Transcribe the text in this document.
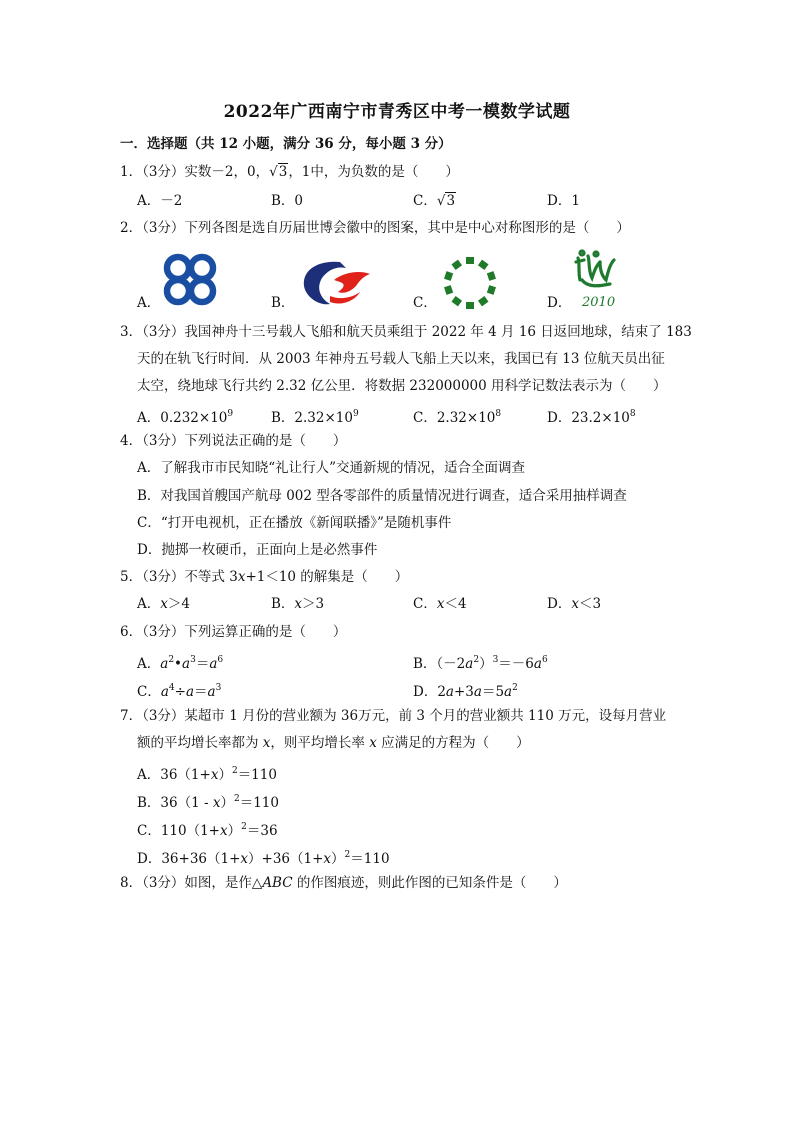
2022年广西南宁市青秀区中考一模数学试题
一．选择题（共 12 小题，满分 36 分，每小题 3 分）
1．（3分）实数－2，0，√3，1中，为负数的是（　　）
A．－2	B．0	C．√3	D．1
2．（3分）下列各图是选自历届世博会徽中的图案，其中是中心对称图形的是（　　）
A．	B．	C．	D． 2010
3．（3分）我国神舟十三号载人飞船和航天员乘组于 2022 年 4 月 16 日返回地球，结束了 183
天的在轨飞行时间．从 2003 年神舟五号载人飞船上天以来，我国已有 13 位航天员出征
太空，绕地球飞行共约 2.32 亿公里．将数据 232000000 用科学记数法表示为（　　）
A．$0.232\times 10^9$	B．$2.32\times 10^9$	C．$2.32\times 10^8$	D．$23.2\times 10^8$
4．（3分）下列说法正确的是（　　）
A．了解我市市民知晓“礼让行人”交通新规的情况，适合全面调查
B．对我国首艘国产航母 002 型各零部件的质量情况进行调查，适合采用抽样调查
C．“打开电视机，正在播放《新闻联播》”是随机事件
D．抛掷一枚硬币，正面向上是必然事件
5．（3分）不等式 3x+1＜10 的解集是（　　）
A．x＞4	B．x＞3	C．x＜4	D．x＜3
6．（3分）下列运算正确的是（　　）
A．$a^2•a^3=a^6$	B．$(-2a^2)^3=-6a^6$
C．$a^4\div a=a^3$	D．$2a+3a=5a^2$
7．（3分）某超市 1 月份的营业额为 36万元，前 3 个月的营业额共 110 万元，设每月营业
额的平均增长率都为 x，则平均增长率 x 应满足的方程为（　　）
A．$36(1+x)^2=110$
B．36（1 - x）$^2$＝110
C．$110(1+x)^2=36$
D．$36+36(1+x)+36(1+x)^2=110$
8．（3分）如图，是作△ABC 的作图痕迹，则此作图的已知条件是（　　）
